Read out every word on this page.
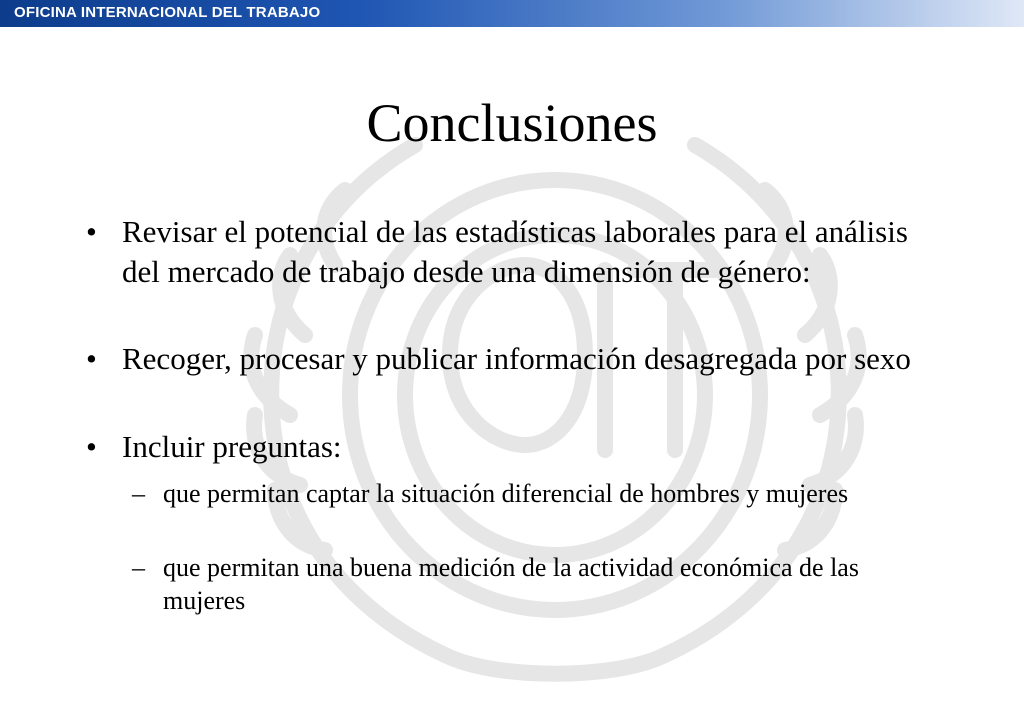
OFICINA INTERNACIONAL DEL TRABAJO
Conclusiones
• Revisar el potencial de las estadísticas laborales para el análisis del mercado de trabajo desde una dimensión de género:
• Recoger, procesar y publicar información desagregada por sexo
• Incluir preguntas:
– que permitan captar la situación diferencial de hombres y mujeres
– que permitan una buena medición de la actividad económica de las mujeres
